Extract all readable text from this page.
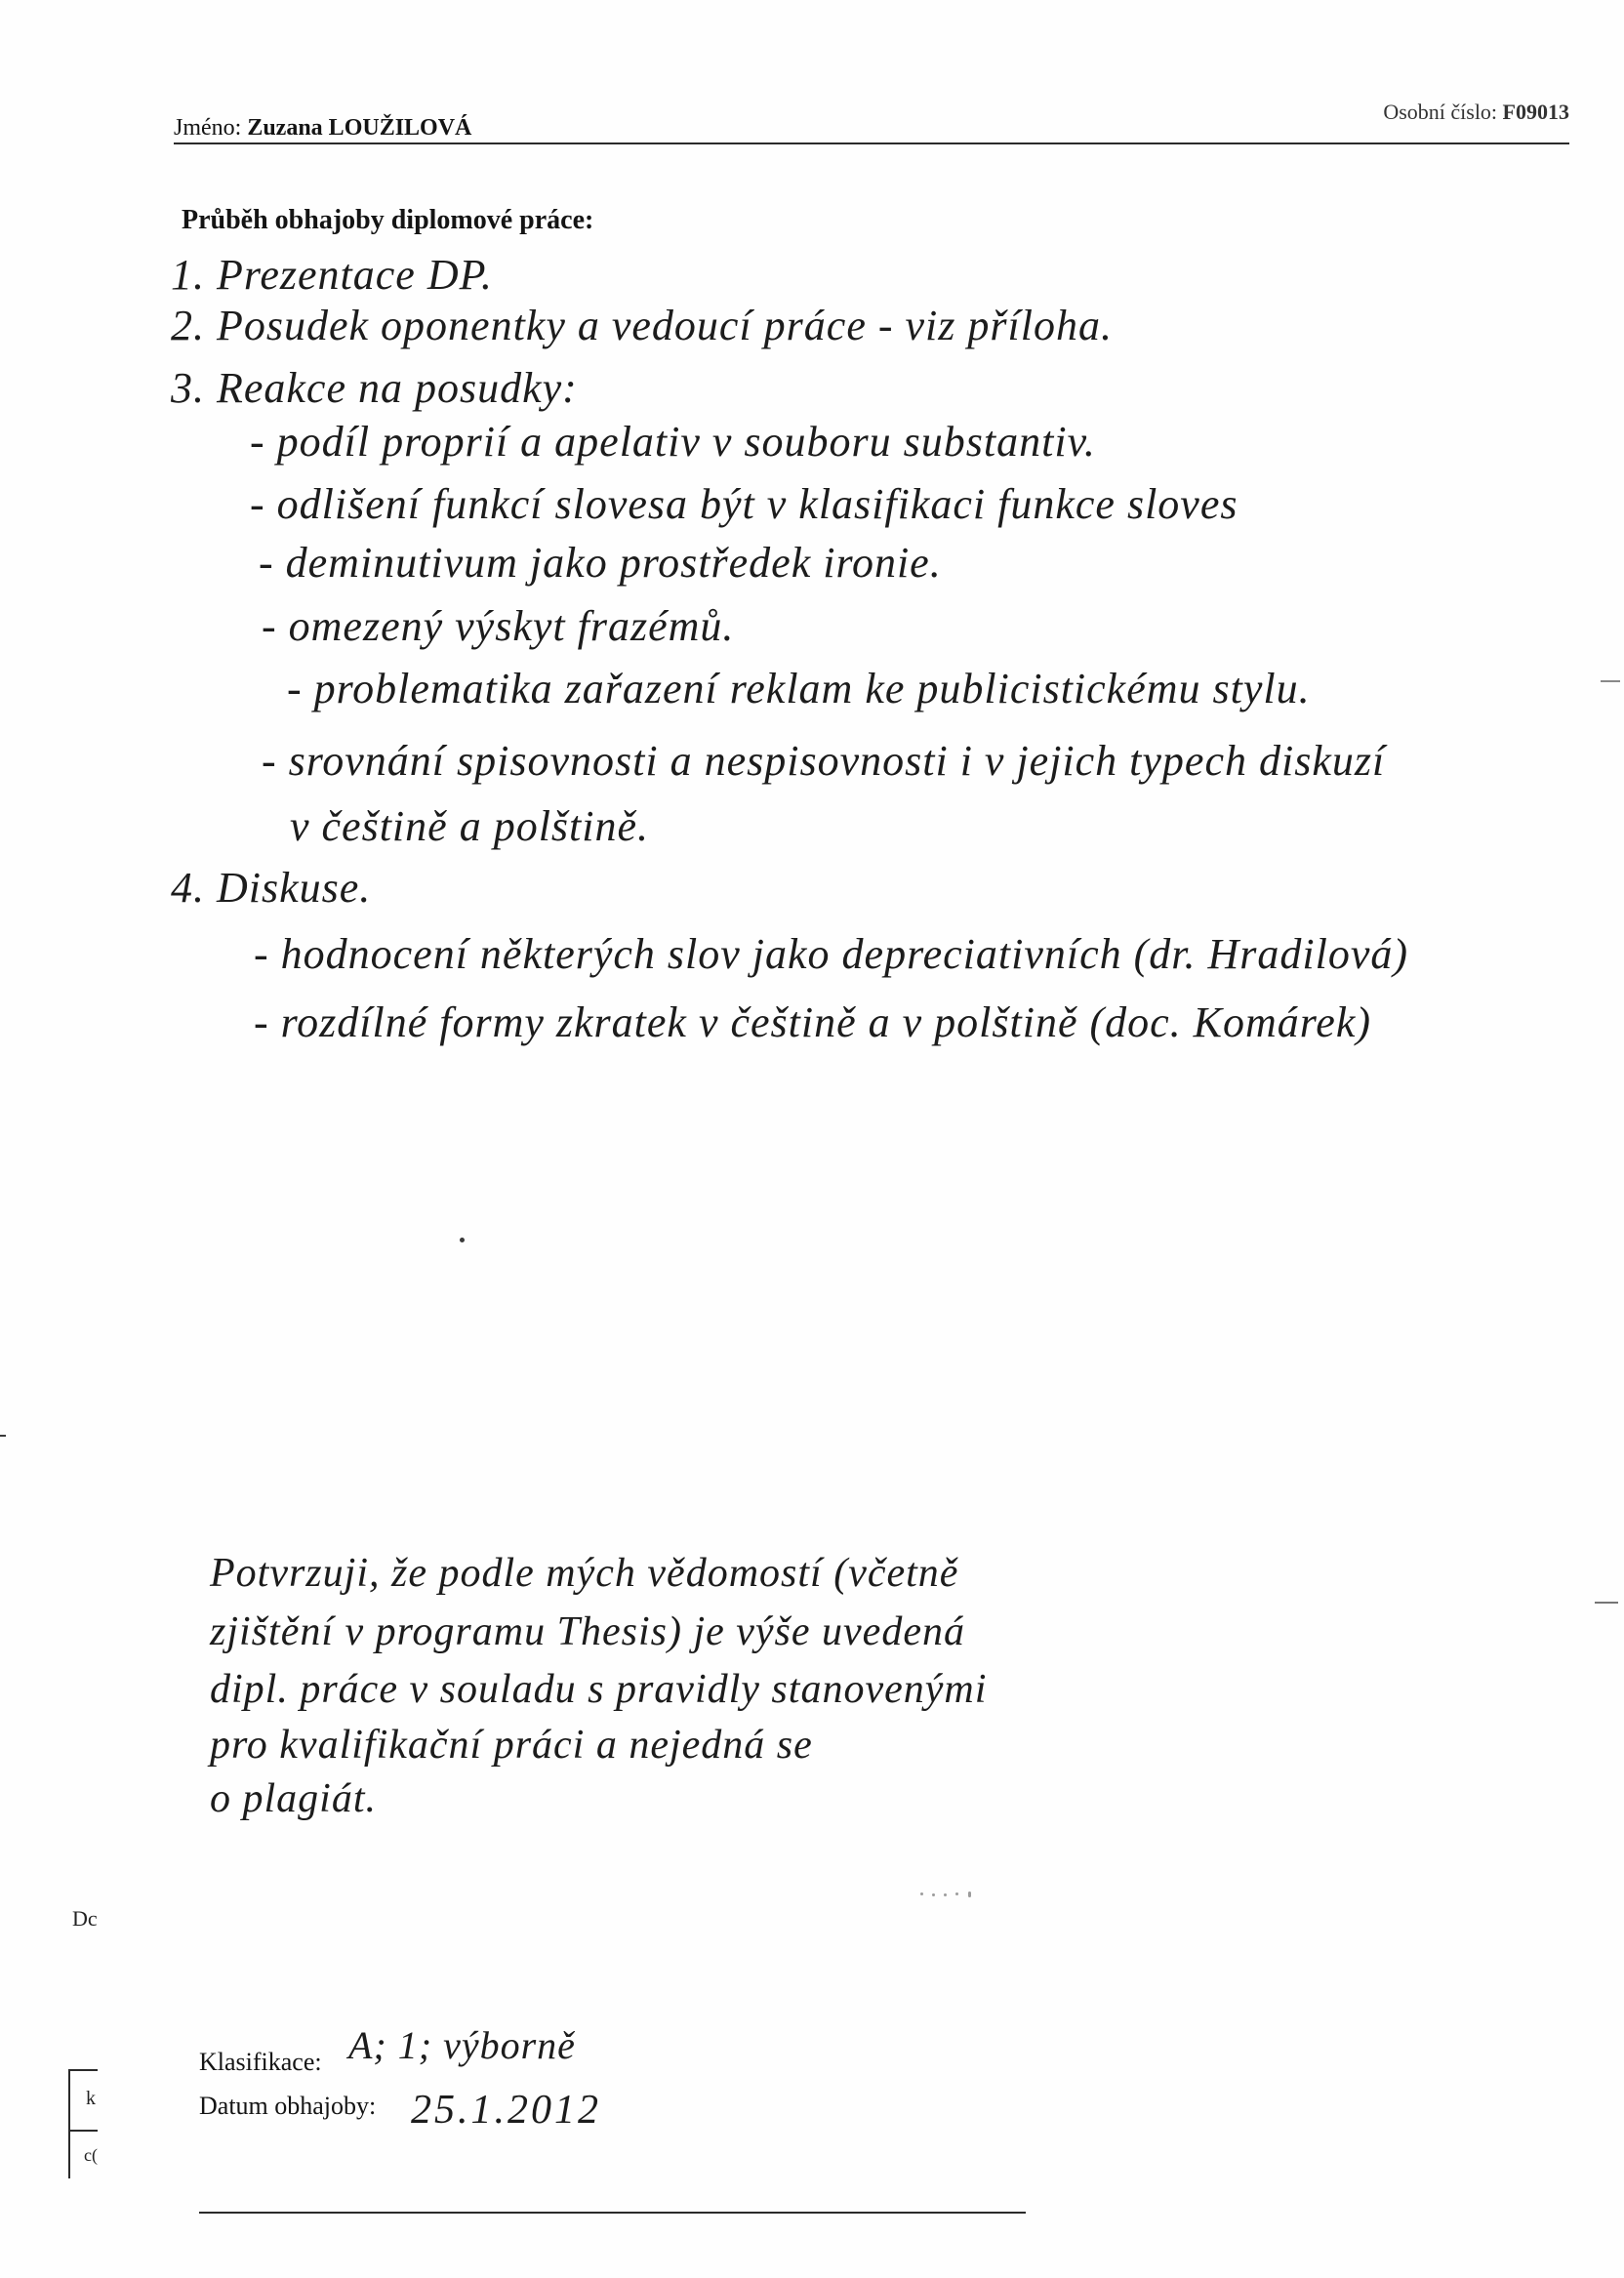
Osobní číslo: F09013
Jméno: Zuzana LOUŽILOVÁ
Průběh obhajoby diplomové práce:
1. Prezentace DP.
2. Posudek oponentky a vedoucí práce - viz příloha.
3. Reakce na posudky:
- podíl proprií a apelativ v souboru substantiv.
- odlišení funkcí slovesa být v klasifikaci funkce sloves
- deminutivum jako prostředek ironie.
- omezený výskyt frazémů.
- problematika zařazení reklam ke publicistickému stylu.
- srovnání spisovnosti a nespisovnosti i v jejich typech diskuzí
v češtině a polštině.
4. Diskuse.
- hodnocení některých slov jako depreciativních (dr. Hradilová)
- rozdílné formy zkratek v češtině a v polštině (doc. Komárek)
Potvrzuji, že podle mých vědomostí (včetně
zjištění v programu Thesis) je výše uvedená
dipl. práce v souladu s pravidly stanovenými
pro kvalifikační práci a nejedná se
o plagiát.
Dc
k
c(
Klasifikace: A; 1; výborně
Datum obhajoby: 25.1.2012
